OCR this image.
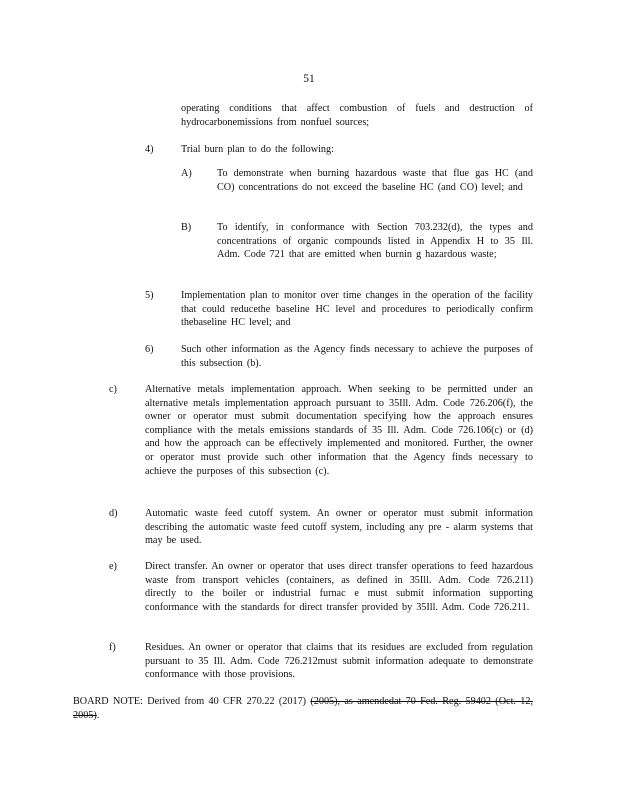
51
operating conditions that affect combustion of fuels and destruction of hydrocarbonemissions from nonfuel sources;
4)	Trial burn plan to do the following:
A) To demonstrate when burning hazardous waste that flue gas HC (and CO) concentrations do not exceed the baseline HC (and CO) level; and
B)	To identify, in conformance with Section 703.232(d), the types and concentrations of organic compounds listed in Appendix H to 35 Ill. Adm. Code 721 that are emitted when burnin g hazardous waste;
5)	Implementation plan to monitor over time changes in the operation of the facility that could reducethe baseline HC level and procedures to periodically confirm thebaseline HC level; and
6)	Such other information as the Agency finds necessary to achieve the purposes of this subsection (b).
c)	Alternative metals implementation approach. When seeking to be permitted under an alternative metals implementation approach pursuant to 35Ill. Adm. Code 726.206(f), the owner or operator must submit documentation specifying how the approach ensures compliance with the metals emissions standards of 35 Ill. Adm. Code 726.106(c) or (d) and how the approach can be effectively implemented and monitored. Further, the owner or operator must provide such other information that the Agency finds necessary to achieve the purposes of this subsection (c).
d)	Automatic waste feed cutoff system. An owner or operator must submit information describing the automatic waste feed cutoff system, including any pre - alarm systems that may be used.
e)	Direct transfer. An owner or operator that uses direct transfer operations to feed hazardous waste from transport vehicles (containers, as defined in 35Ill. Adm. Code 726.211) directly to the boiler or industrial furnac e must submit information supporting conformance with the standards for direct transfer provided by 35Ill. Adm. Code 726.211.
f)	Residues. An owner or operator that claims that its residues are excluded from regulation pursuant to 35 Ill. Adm. Code 726.212must submit information adequate to demonstrate conformance with those provisions.
BOARD NOTE: Derived from 40 CFR 270.22 (2017) (2005), as amendedat 70 Fed. Reg. 59402 (Oct. 12, 2005).
